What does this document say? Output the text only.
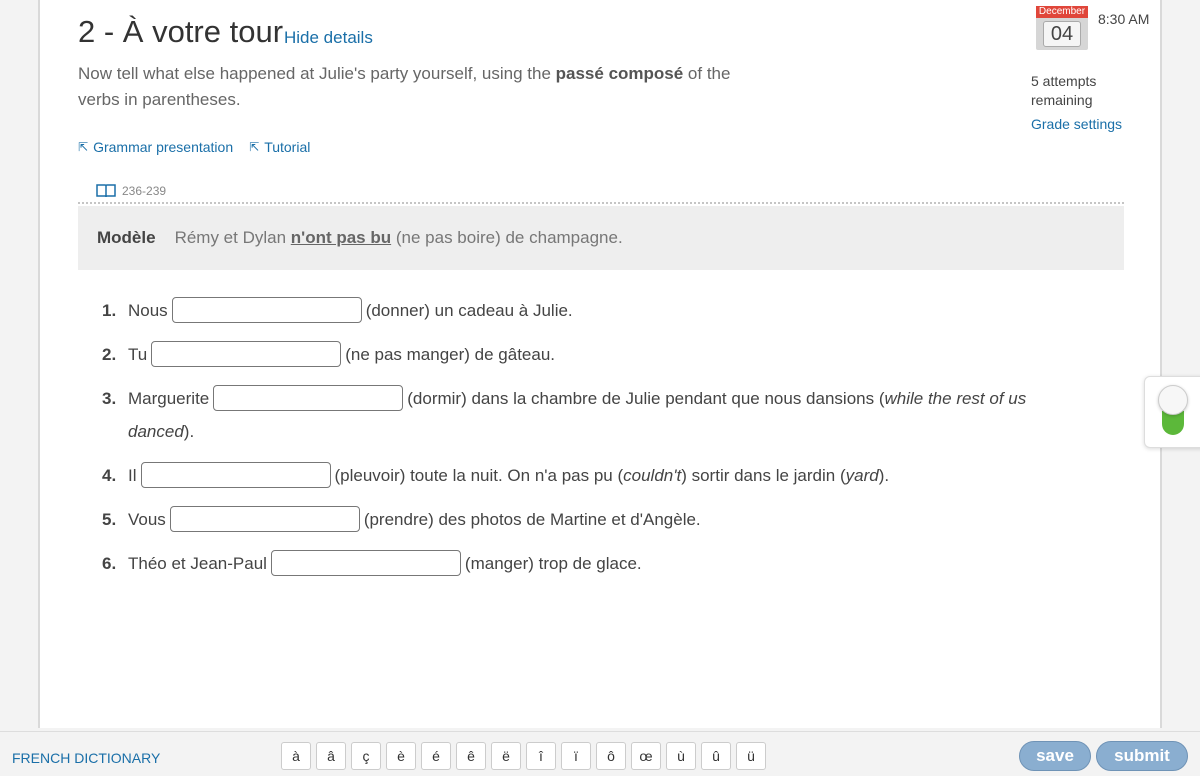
2 - À votre tour Hide details

Now tell what else happened at Julie's party yourself, using the passé composé of the verbs in parentheses.

⇱ Grammar presentation ⇱ Tutorial
236-239
Modèle Rémy et Dylan n'ont pas bu (ne pas boire) de champagne.
December
04
8:30 AM
5 attempts remaining
Grade settings
1. Nous	(donner) un cadeau à Julie.
2. Tu	(ne pas manger) de gâteau.
3. Marguerite	(dormir) dans la chambre de Julie pendant que nous dansions (while the rest of us danced).
4. Il	(pleuvoir) toute la nuit. On n'a pas pu (couldn't) sortir dans le jardin (yard).
5. Vous	(prendre) des photos de Martine et d'Angèle.
6. Théo et Jean-Paul	(manger) trop de glace.
FRENCH DICTIONARY	à	â	ç	è	é	ê	ë	î	ï	ô	œ	ù	û	ü	save	submit
